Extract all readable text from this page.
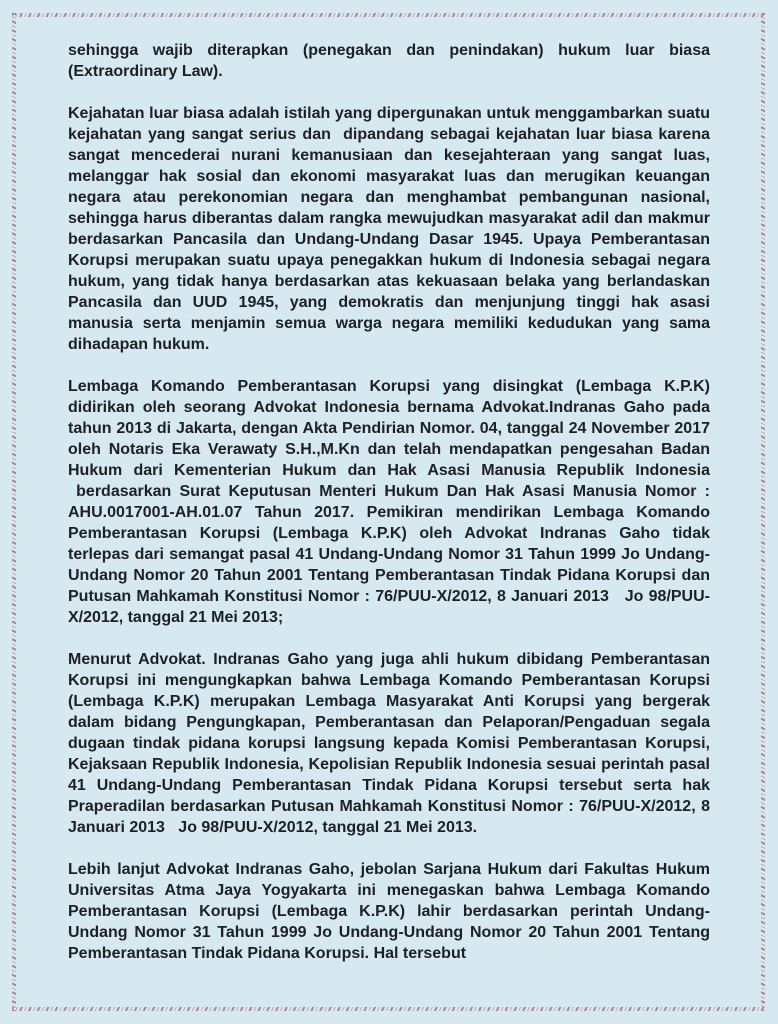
sehingga wajib diterapkan (penegakan dan penindakan) hukum luar biasa (Extraordinary Law).

Kejahatan luar biasa adalah istilah yang dipergunakan untuk menggambarkan suatu kejahatan yang sangat serius dan  dipandang sebagai kejahatan luar biasa karena sangat mencederai nurani kemanusiaan dan kesejahteraan yang sangat luas, melanggar hak sosial dan ekonomi masyarakat luas dan merugikan keuangan negara atau perekonomian negara dan menghambat pembangunan nasional, sehingga harus diberantas dalam rangka mewujudkan masyarakat adil dan makmur berdasarkan Pancasila dan Undang-Undang Dasar 1945. Upaya Pemberantasan Korupsi merupakan suatu upaya penegakkan hukum di Indonesia sebagai negara hukum, yang tidak hanya berdasarkan atas kekuasaan belaka yang berlandaskan Pancasila dan UUD 1945, yang demokratis dan menjunjung tinggi hak asasi manusia serta menjamin semua warga negara memiliki kedudukan yang sama dihadapan hukum.

Lembaga Komando Pemberantasan Korupsi yang disingkat (Lembaga K.P.K) didirikan oleh seorang Advokat Indonesia bernama Advokat.Indranas Gaho pada tahun 2013 di Jakarta, dengan Akta Pendirian Nomor. 04, tanggal 24 November 2017 oleh Notaris Eka Verawaty S.H.,M.Kn dan telah mendapatkan pengesahan Badan Hukum dari Kementerian Hukum dan Hak Asasi Manusia Republik Indonesia  berdasarkan Surat Keputusan Menteri Hukum Dan Hak Asasi Manusia Nomor : AHU.0017001-AH.01.07 Tahun 2017. Pemikiran mendirikan Lembaga Komando Pemberantasan Korupsi (Lembaga K.P.K) oleh Advokat Indranas Gaho tidak terlepas dari semangat pasal 41 Undang-Undang Nomor 31 Tahun 1999 Jo Undang-Undang Nomor 20 Tahun 2001 Tentang Pemberantasan Tindak Pidana Korupsi dan Putusan Mahkamah Konstitusi Nomor : 76/PUU-X/2012, 8 Januari 2013   Jo 98/PUU-X/2012, tanggal 21 Mei 2013;

Menurut Advokat. Indranas Gaho yang juga ahli hukum dibidang Pemberantasan Korupsi ini mengungkapkan bahwa Lembaga Komando Pemberantasan Korupsi (Lembaga K.P.K) merupakan Lembaga Masyarakat Anti Korupsi yang bergerak dalam bidang Pengungkapan, Pemberantasan dan Pelaporan/Pengaduan segala dugaan tindak pidana korupsi langsung kepada Komisi Pemberantasan Korupsi, Kejaksaan Republik Indonesia, Kepolisian Republik Indonesia sesuai perintah pasal 41 Undang-Undang Pemberantasan Tindak Pidana Korupsi tersebut serta hak Praperadilan berdasarkan Putusan Mahkamah Konstitusi Nomor : 76/PUU-X/2012, 8 Januari 2013   Jo 98/PUU-X/2012, tanggal 21 Mei 2013.

Lebih lanjut Advokat Indranas Gaho, jebolan Sarjana Hukum dari Fakultas Hukum Universitas Atma Jaya Yogyakarta ini menegaskan bahwa Lembaga Komando Pemberantasan Korupsi (Lembaga K.P.K) lahir berdasarkan perintah Undang-Undang Nomor 31 Tahun 1999 Jo Undang-Undang Nomor 20 Tahun 2001 Tentang Pemberantasan Tindak Pidana Korupsi. Hal tersebut
